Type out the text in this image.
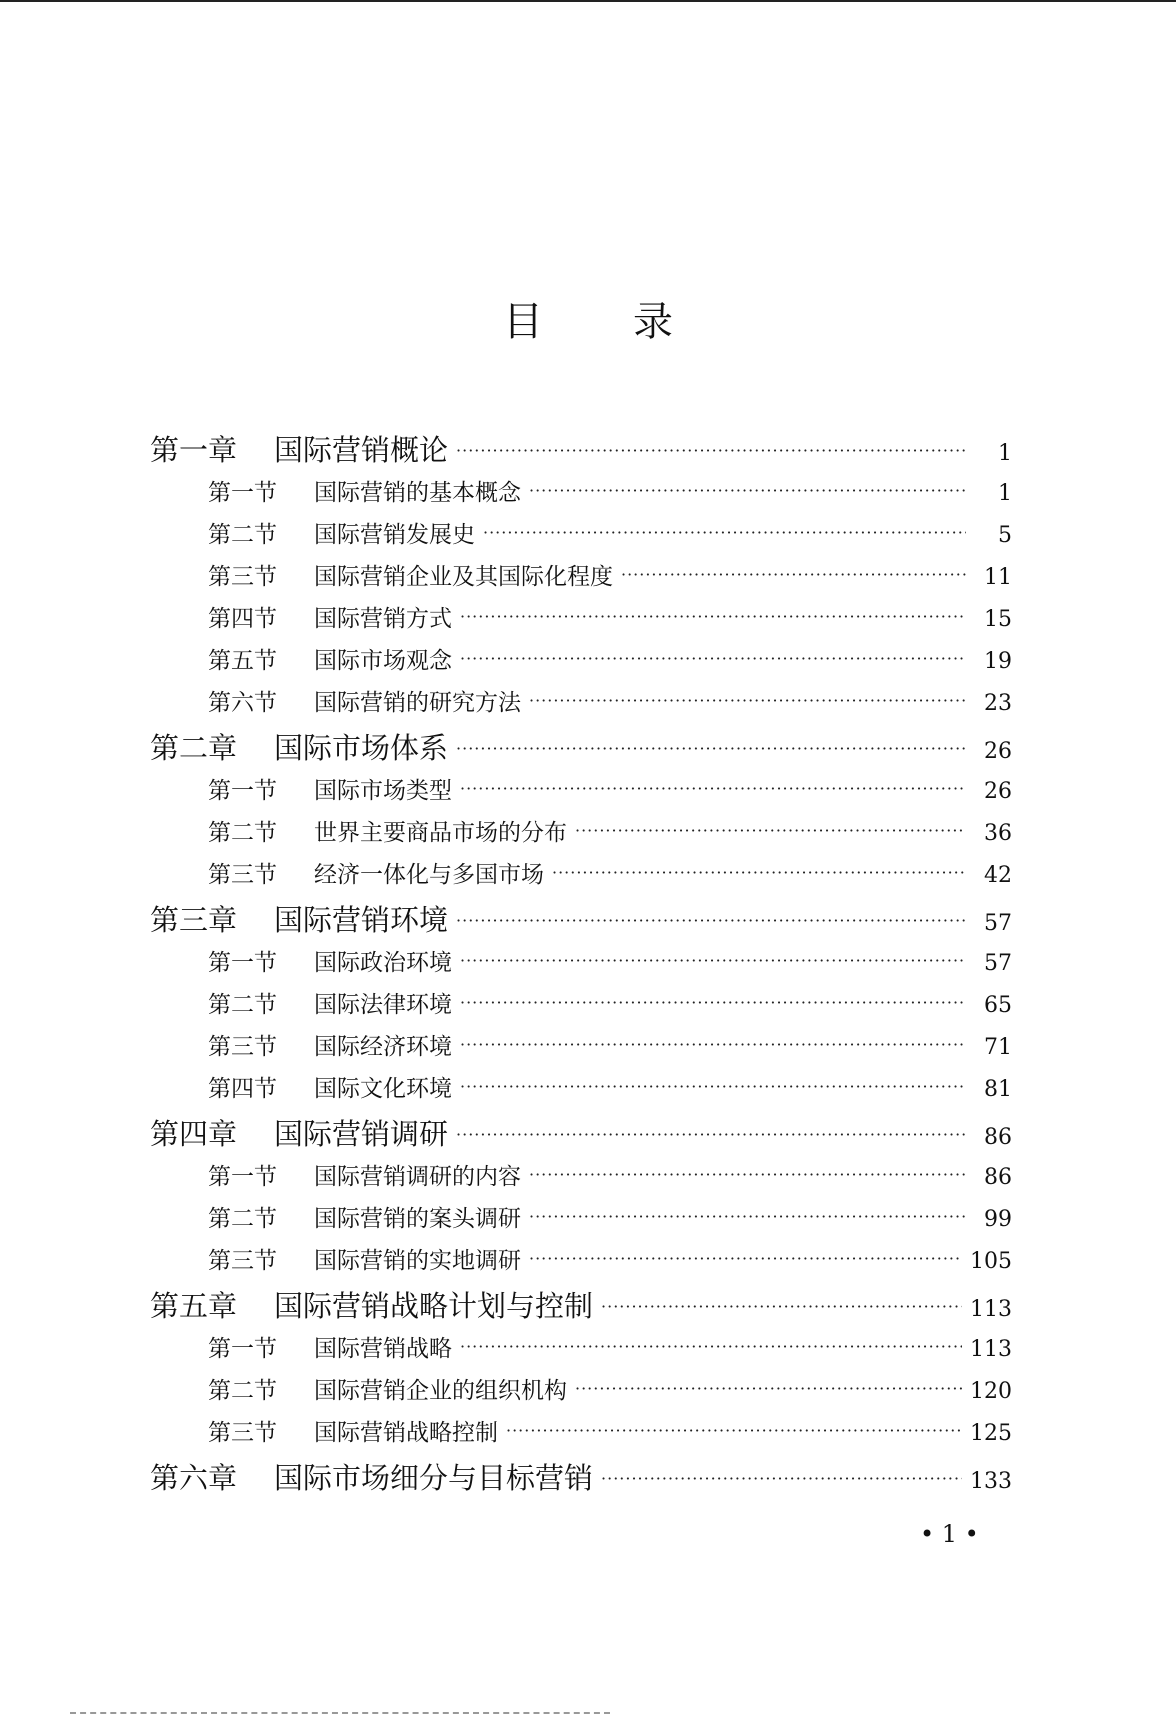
目 录
第一章	国际营销概论 ·····	1
第一节	国际营销的基本概念 ·····	1
第二节	国际营销发展史 ·····	5
第三节	国际营销企业及其国际化程度 ·····	11
第四节	国际营销方式 ·····	15
第五节	国际市场观念 ·····	19
第六节	国际营销的研究方法 ·····	23
第二章	国际市场体系 ·····	26
第一节	国际市场类型 ·····	26
第二节	世界主要商品市场的分布 ·····	36
第三节	经济一体化与多国市场 ·····	42
第三章	国际营销环境 ·····	57
第一节	国际政治环境 ·····	57
第二节	国际法律环境 ·····	65
第三节	国际经济环境 ·····	71
第四节	国际文化环境 ·····	81
第四章	国际营销调研 ·····	86
第一节	国际营销调研的内容 ·····	86
第二节	国际营销的案头调研 ·····	99
第三节	国际营销的实地调研 ·····	105
第五章	国际营销战略计划与控制 ·····	113
第一节	国际营销战略 ·····	113
第二节	国际营销企业的组织机构 ·····	120
第三节	国际营销战略控制 ·····	125
第六章	国际市场细分与目标营销 ·····	133
• 1 •
